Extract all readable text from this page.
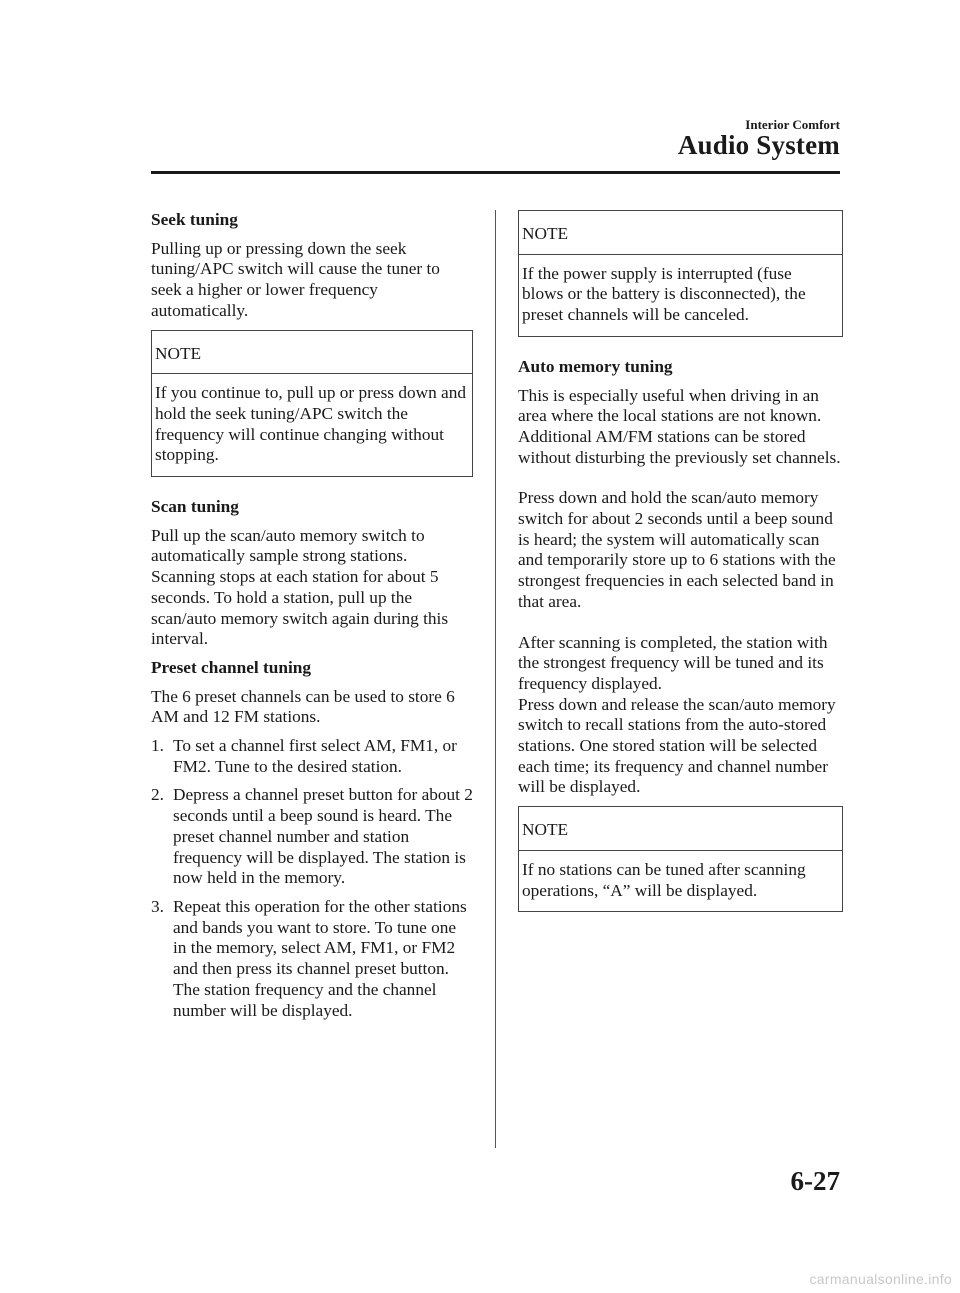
Interior Comfort
Audio System
Seek tuning
Pulling up or pressing down the seek tuning/APC switch will cause the tuner to seek a higher or lower frequency automatically.
NOTE
If you continue to, pull up or press down and hold the seek tuning/APC switch the frequency will continue changing without stopping.
Scan tuning
Pull up the scan/auto memory switch to automatically sample strong stations. Scanning stops at each station for about 5 seconds. To hold a station, pull up the scan/auto memory switch again during this interval.
Preset channel tuning
The 6 preset channels can be used to store 6 AM and 12 FM stations.
1. To set a channel first select AM, FM1, or FM2. Tune to the desired station.
2. Depress a channel preset button for about 2 seconds until a beep sound is heard. The preset channel number and station frequency will be displayed. The station is now held in the memory.
3. Repeat this operation for the other stations and bands you want to store. To tune one in the memory, select AM, FM1, or FM2 and then press its channel preset button. The station frequency and the channel number will be displayed.
NOTE
If the power supply is interrupted (fuse blows or the battery is disconnected), the preset channels will be canceled.
Auto memory tuning
This is especially useful when driving in an area where the local stations are not known. Additional AM/FM stations can be stored without disturbing the previously set channels.
Press down and hold the scan/auto memory switch for about 2 seconds until a beep sound is heard; the system will automatically scan and temporarily store up to 6 stations with the strongest frequencies in each selected band in that area.
After scanning is completed, the station with the strongest frequency will be tuned and its frequency displayed.
Press down and release the scan/auto memory switch to recall stations from the auto-stored stations. One stored station will be selected each time; its frequency and channel number will be displayed.
NOTE
If no stations can be tuned after scanning operations, “A” will be displayed.
6-27
carmanualsonline.info
